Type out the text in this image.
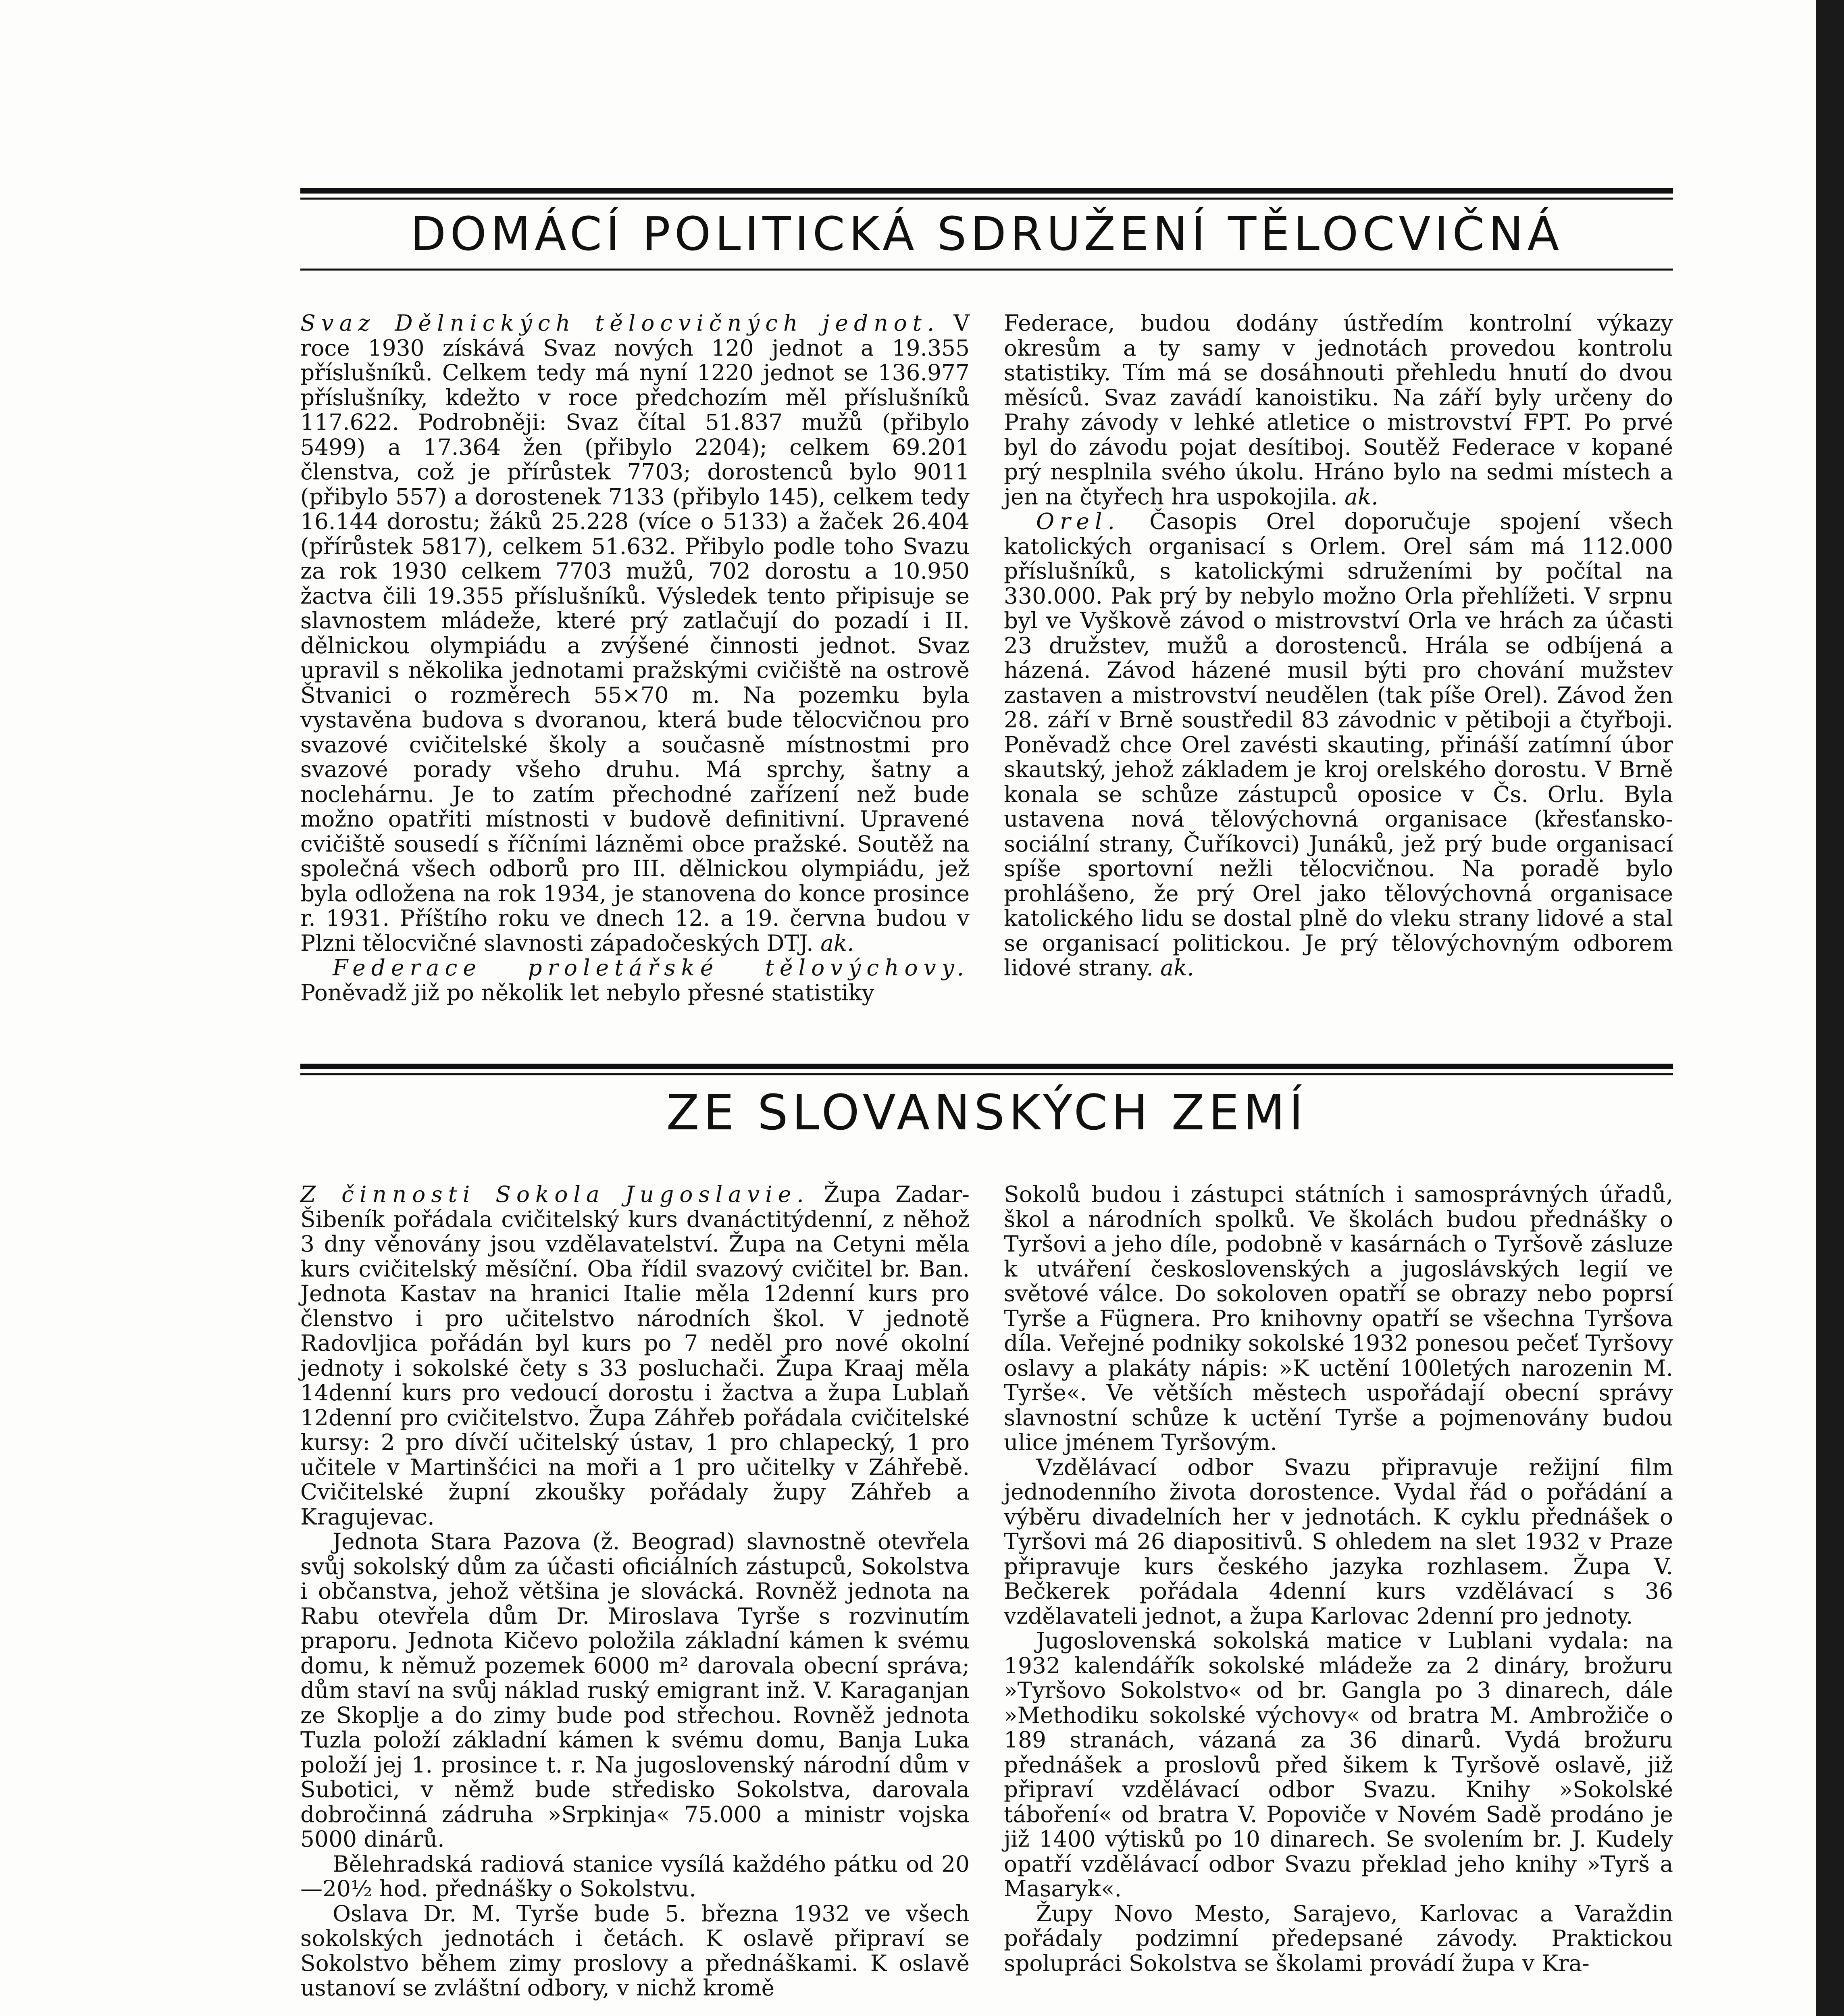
DOMÁCÍ POLITICKÁ SDRUŽENÍ TĚLOCVIČNÁ

Svaz Dělnických tělocvičných jednot. V roce 1930 získává Svaz nových 120 jednot a 19.355 příslušníků. Celkem tedy má nyní 1220 jednot se 136.977 příslušníky, kdežto v roce předchozím měl příslušníků 117.622. Podrobněji: Svaz čítal 51.837 mužů (přibylo 5499) a 17.364 žen (přibylo 2204); celkem 69.201 členstva, což je přírůstek 7703; dorostenců bylo 9011 (přibylo 557) a dorostenek 7133 (přibylo 145), celkem tedy 16.144 dorostu; žáků 25.228 (více o 5133) a žaček 26.404 (přírůstek 5817), celkem 51.632. Přibylo podle toho Svazu za rok 1930 celkem 7703 mužů, 702 dorostu a 10.950 žactva čili 19.355 příslušníků. Výsledek tento připisuje se slavnostem mládeže, které prý zatlačují do pozadí i II. dělnickou olympiádu a zvýšené činnosti jednot. Svaz upravil s několika jednotami pražskými cvičiště na ostrově Štvanici o rozměrech 55×70 m. Na pozemku byla vystavěna budova s dvoranou, která bude tělocvičnou pro svazové cvičitelské školy a současně místnostmi pro svazové porady všeho druhu. Má sprchy, šatny a noclehárnu. Je to zatím přechodné zařízení než bude možno opatřiti místnosti v budově definitivní. Upravené cvičiště sousedí s říčními lázněmi obce pražské. Soutěž na společná všech odborů pro III. dělnickou olympiádu, jež byla odložena na rok 1934, je stanovena do konce prosince r. 1931. Příštího roku ve dnech 12. a 19. června budou v Plzni tělocvičné slavnosti západočeských DTJ. ak.

Federace proletářské tělovýchovy. Poněvadž již po několik let nebylo přesné statistiky

Federace, budou dodány ústředím kontrolní výkazy okresům a ty samy v jednotách provedou kontrolu statistiky. Tím má se dosáhnouti přehledu hnutí do dvou měsíců. Svaz zavádí kanoistiku. Na září byly určeny do Prahy závody v lehké atletice o mistrovství FPT. Po prvé byl do závodu pojat desítiboj. Soutěž Federace v kopané prý nesplnila svého úkolu. Hráno bylo na sedmi místech a jen na čtyřech hra uspokojila. ak.

Orel. Časopis Orel doporučuje spojení všech katolických organisací s Orlem. Orel sám má 112.000 příslušníků, s katolickými sdruženími by počítal na 330.000. Pak prý by nebylo možno Orla přehlížeti. V srpnu byl ve Vyškově závod o mistrovství Orla ve hrách za účasti 23 družstev, mužů a dorostenců. Hrála se odbíjená a házená. Závod házené musil býti pro chování mužstev zastaven a mistrovství neudělen (tak píše Orel). Závod žen 28. září v Brně soustředil 83 závodnic v pětiboji a čtyřboji. Poněvadž chce Orel zavésti skauting, přináší zatímní úbor skautský, jehož základem je kroj orelského dorostu. V Brně konala se schůze zástupců oposice v Čs. Orlu. Byla ustavena nová tělovýchovná organisace (křesťansko-sociální strany, Čuříkovci) Junáků, jež prý bude organisací spíše sportovní nežli tělocvičnou. Na poradě bylo prohlášeno, že prý Orel jako tělovýchovná organisace katolického lidu se dostal plně do vleku strany lidové a stal se organisací politickou. Je prý tělovýchovným odborem lidové strany. ak.

ZE SLOVANSKÝCH ZEMÍ

Z činnosti Sokola Jugoslavie. Župa Zadar-Šibeník pořádala cvičitelský kurs dvanáctitýdenní, z něhož 3 dny věnovány jsou vzdělavatelství. Župa na Cetyni měla kurs cvičitelský měsíční. Oba řídil svazový cvičitel br. Ban. Jednota Kastav na hranici Italie měla 12denní kurs pro členstvo i pro učitelstvo národních škol. V jednotě Radovljica pořádán byl kurs po 7 neděl pro nové okolní jednoty i sokolské čety s 33 posluchači. Župa Kraaj měla 14denní kurs pro vedoucí dorostu i žactva a župa Lublaň 12denní pro cvičitelstvo. Župa Záhřeb pořádala cvičitelské kursy: 2 pro dívčí učitelský ústav, 1 pro chlapecký, 1 pro učitele v Martinšćici na moři a 1 pro učitelky v Záhřebě. Cvičitelské župní zkoušky pořádaly župy Záhřeb a Kragujevac.

Jednota Stara Pazova (ž. Beograd) slavnostně otevřela svůj sokolský dům za účasti oficiálních zástupců, Sokolstva i občanstva, jehož většina je slovácká. Rovněž jednota na Rabu otevřela dům Dr. Miroslava Tyrše s rozvinutím praporu. Jednota Kičevo položila základní kámen k svému domu, k němuž pozemek 6000 m² darovala obecní správa; dům staví na svůj náklad ruský emigrant inž. V. Karaganjan ze Skoplje a do zimy bude pod střechou. Rovněž jednota Tuzla položí základní kámen k svému domu, Banja Luka položí jej 1. prosince t. r. Na jugoslovenský národní dům v Subotici, v němž bude středisko Sokolstva, darovala dobročinná zádruha »Srpkinja« 75.000 a ministr vojska 5000 dinárů.

Bělehradská radiová stanice vysílá každého pátku od 20—20½ hod. přednášky o Sokolstvu.

Oslava Dr. M. Tyrše bude 5. března 1932 ve všech sokolských jednotách i četách. K oslavě připraví se Sokolstvo během zimy proslovy a přednáškami. K oslavě ustanoví se zvláštní odbory, v nichž kromě

Sokolů budou i zástupci státních i samosprávných úřadů, škol a národních spolků. Ve školách budou přednášky o Tyršovi a jeho díle, podobně v kasárnách o Tyršově zásluze k utváření československých a jugoslávských legií ve světové válce. Do sokoloven opatří se obrazy nebo poprsí Tyrše a Fügnera. Pro knihovny opatří se všechna Tyršova díla. Veřejné podniky sokolské 1932 ponesou pečeť Tyršovy oslavy a plakáty nápis: »K uctění 100letých narozenin M. Tyrše«. Ve větších městech uspořádají obecní správy slavnostní schůze k uctění Tyrše a pojmenovány budou ulice jménem Tyršovým.

Vzdělávací odbor Svazu připravuje režijní film jednodenního života dorostence. Vydal řád o pořádání a výběru divadelních her v jednotách. K cyklu přednášek o Tyršovi má 26 diapositivů. S ohledem na slet 1932 v Praze připravuje kurs českého jazyka rozhlasem. Župa V. Bečkerek pořádala 4denní kurs vzdělávací s 36 vzdělavateli jednot, a župa Karlovac 2denní pro jednoty.

Jugoslovenská sokolská matice v Lublani vydala: na 1932 kalendářík sokolské mládeže za 2 dináry, brožuru »Tyršovo Sokolstvo« od br. Gangla po 3 dinarech, dále »Methodiku sokolské výchovy« od bratra M. Ambrožiče o 189 stranách, vázaná za 36 dinarů. Vydá brožuru přednášek a proslovů před šikem k Tyršově oslavě, již připraví vzdělávací odbor Svazu. Knihy »Sokolské táboření« od bratra V. Popoviče v Novém Sadě prodáno je již 1400 výtisků po 10 dinarech. Se svolením br. J. Kudely opatří vzdělávací odbor Svazu překlad jeho knihy »Tyrš a Masaryk«.

Župy Novo Mesto, Sarajevo, Karlovac a Varaždin pořádaly podzimní předepsané závody. Praktickou spolupráci Sokolstva se školami provádí župa v Kra-
